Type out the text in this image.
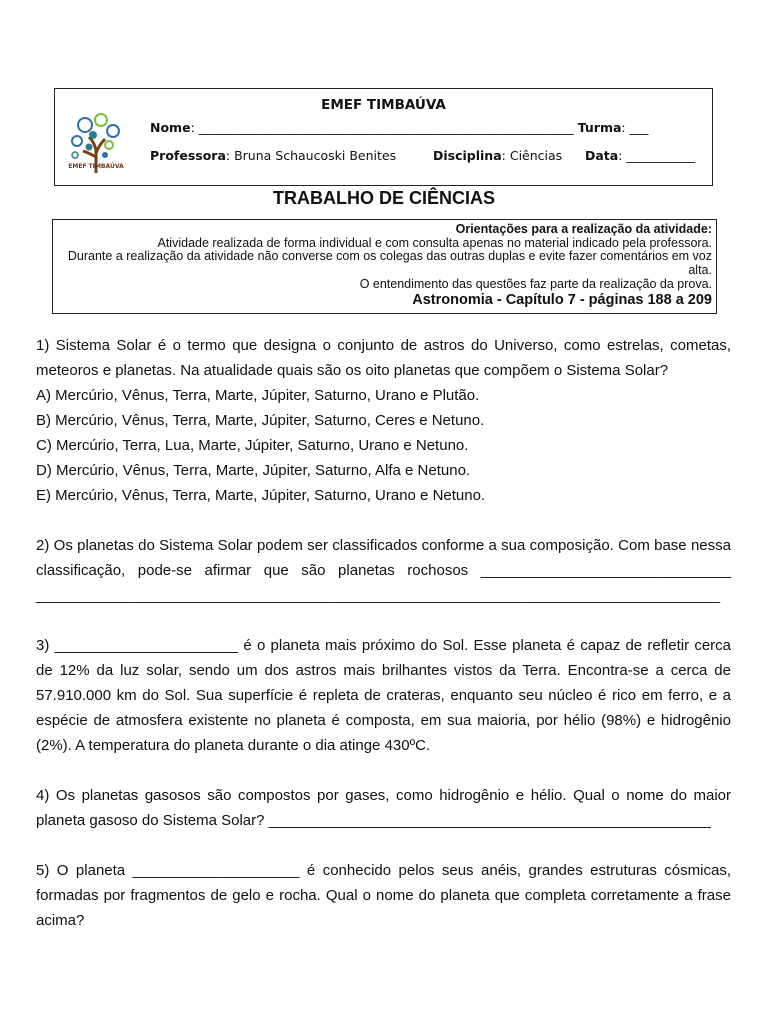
EMEF TIMBAÚVA
EMEF TIMBAÚVA
Nome: ____________________________________________________________ Turma: ___
Professora: Bruna Schaucoski Benites	Disciplina: Ciências Data: ___________
TRABALHO DE CIÊNCIAS
Orientações para a realização da atividade:
Atividade realizada de forma individual e com consulta apenas no material indicado pela professora.
Durante a realização da atividade não converse com os colegas das outras duplas e evite fazer comentários em voz alta.
O entendimento das questões faz parte da realização da prova.
Astronomia - Capítulo 7 - páginas 188 a 209

1) Sistema Solar é o termo que designa o conjunto de astros do Universo, como estrelas, cometas, meteoros e planetas. Na atualidade quais são os oito planetas que compõem o Sistema Solar?

A) Mercúrio, Vênus, Terra, Marte, Júpiter, Saturno, Urano e Plutão.

B) Mercúrio, Vênus, Terra, Marte, Júpiter, Saturno, Ceres e Netuno.

C) Mercúrio, Terra, Lua, Marte, Júpiter, Saturno, Urano e Netuno.

D) Mercúrio, Vênus, Terra, Marte, Júpiter, Saturno, Alfa e Netuno.

E) Mercúrio, Vênus, Terra, Marte, Júpiter, Saturno, Urano e Netuno.

2) Os planetas do Sistema Solar podem ser classificados conforme a sua composição. Com base nessa classificação, pode-se afirmar que são planetas rochosos ______________________________ __________________________________________________________________________________

3) ______________________ é o planeta mais próximo do Sol. Esse planeta é capaz de refletir cerca de 12% da luz solar, sendo um dos astros mais brilhantes vistos da Terra. Encontra-se a cerca de 57.910.000 km do Sol. Sua superfície é repleta de crateras, enquanto seu núcleo é rico em ferro, e a espécie de atmosfera existente no planeta é composta, em sua maioria, por hélio (98%) e hidrogênio (2%). A temperatura do planeta durante o dia atinge 430ºC.

4) Os planetas gasosos são compostos por gases, como hidrogênio e hélio. Qual o nome do maior planeta gasoso do Sistema Solar? _____________________________________________________

5) O planeta ____________________ é conhecido pelos seus anéis, grandes estruturas cósmicas, formadas por fragmentos de gelo e rocha. Qual o nome do planeta que completa corretamente a frase acima?
